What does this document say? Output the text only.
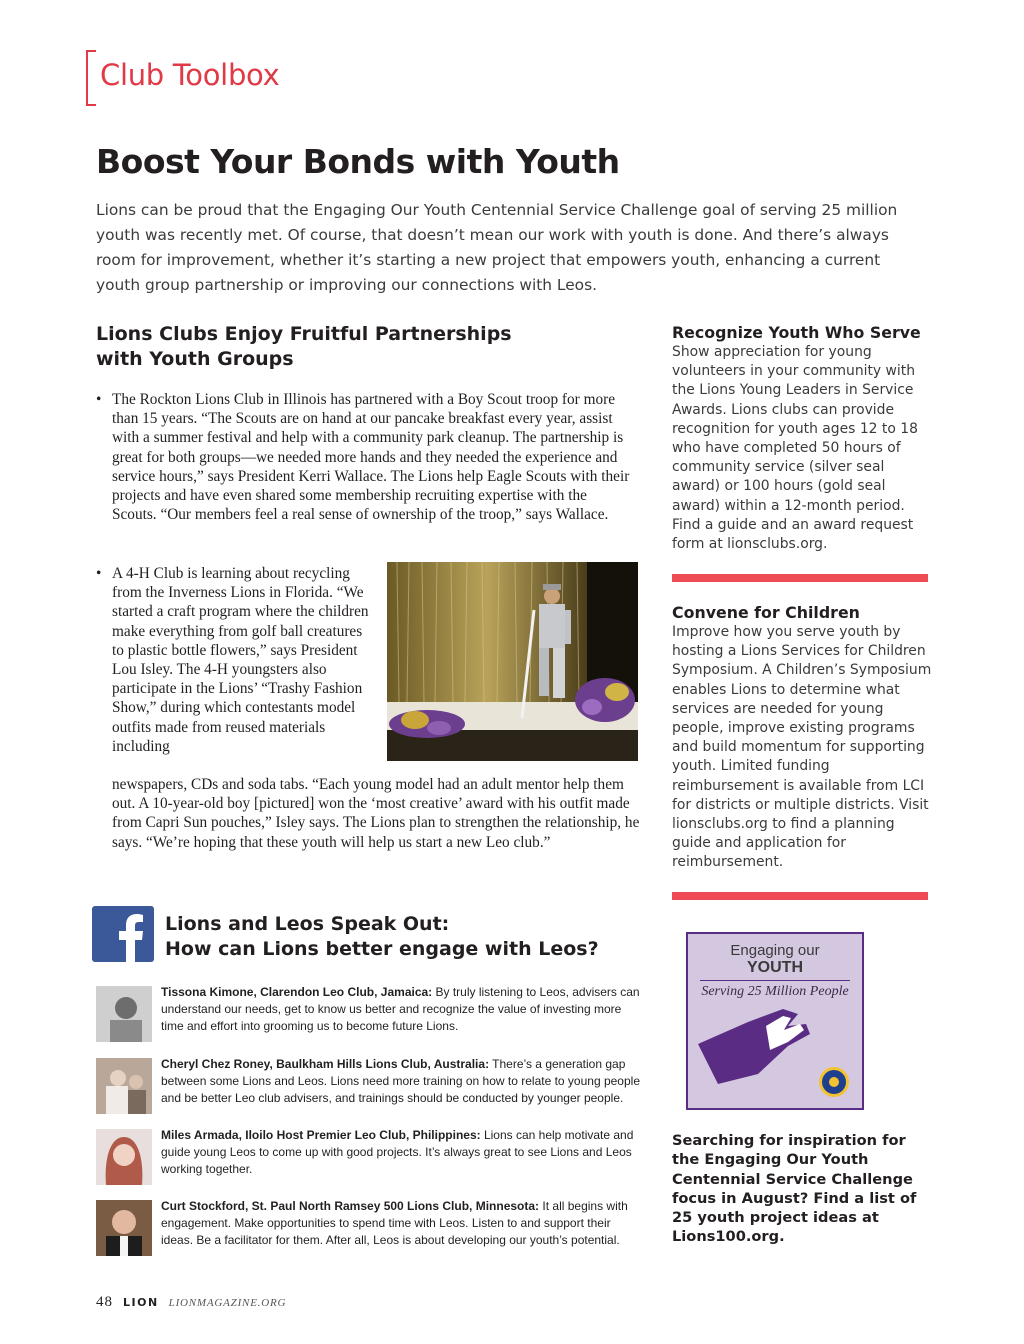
Club Toolbox
Boost Your Bonds with Youth

Lions can be proud that the Engaging Our Youth Centennial Service Challenge goal of serving 25 million youth was recently met. Of course, that doesn’t mean our work with youth is done. And there’s always room for improvement, whether it’s starting a new project that empowers youth, enhancing a current youth group partnership or improving our connections with Leos.

Lions Clubs Enjoy Fruitful Partnerships
with Youth Groups
• The Rockton Lions Club in Illinois has partnered with a Boy Scout troop for more than 15 years. “The Scouts are on hand at our pancake breakfast every year, assist with a summer festival and help with a community park cleanup. The partnership is great for both groups—we needed more hands and they needed the experience and service hours,” says President Kerri Wallace. The Lions help Eagle Scouts with their projects and have even shared some membership recruiting expertise with the Scouts. “Our members feel a real sense of ownership of the troop,” says Wallace.
• A 4-H Club is learning about recycling from the Inverness Lions in Florida. “We started a craft program where the children make everything from golf ball creatures to plastic bottle flowers,” says President Lou Isley. The 4-H youngsters also participate in the Lions’ “Trashy Fashion Show,” during which contestants model outfits made from reused materials including
newspapers, CDs and soda tabs. “Each young model had an adult mentor help them out. A 10-year-old boy [pictured] won the ‘most creative’ award with his outfit made from Capri Sun pouches,” Isley says. The Lions plan to strengthen the relationship, he says. “We’re hoping that these youth will help us start a new Leo club.”
Recognize Youth Who Serve

Show appreciation for young volunteers in your community with the Lions Young Leaders in Service Awards. Lions clubs can provide recognition for youth ages 12 to 18 who have completed 50 hours of community service (silver seal award) or 100 hours (gold seal award) within a 12-month period. Find a guide and an award request form at lionsclubs.org.

Convene for Children

Improve how you serve youth by hosting a Lions Services for Children Symposium. A Children’s Symposium enables Lions to determine what services are needed for young people, improve existing programs and build momentum for supporting youth. Limited funding reimbursement is available from LCI for districts or multiple districts. Visit lionsclubs.org to find a planning guide and application for reimbursement.

Engaging our
YOUTH
Serving 25 Million People
Searching for inspiration for the Engaging Our Youth Centennial Service Challenge focus in August? Find a list of 25 youth project ideas at Lions100.org.
Lions and Leos Speak Out:
How can Lions better engage with Leos?
Tissona Kimone, Clarendon Leo Club, Jamaica: By truly listening to Leos, advisers can understand our needs, get to know us better and recognize the value of investing more time and effort into grooming us to become future Lions.
Cheryl Chez Roney, Baulkham Hills Lions Club, Australia: There’s a generation gap between some Lions and Leos. Lions need more training on how to relate to young people and be better Leo club advisers, and trainings should be conducted by younger people.
Miles Armada, Iloilo Host Premier Leo Club, Philippines: Lions can help motivate and guide young Leos to come up with good projects. It’s always great to see Lions and Leos working together.
Curt Stockford, St. Paul North Ramsey 500 Lions Club, Minnesota: It all begins with engagement. Make opportunities to spend time with Leos. Listen to and support their ideas. Be a facilitator for them. After all, Leos is about developing our youth’s potential.
48 LION LIONMAGAZINE.ORG
